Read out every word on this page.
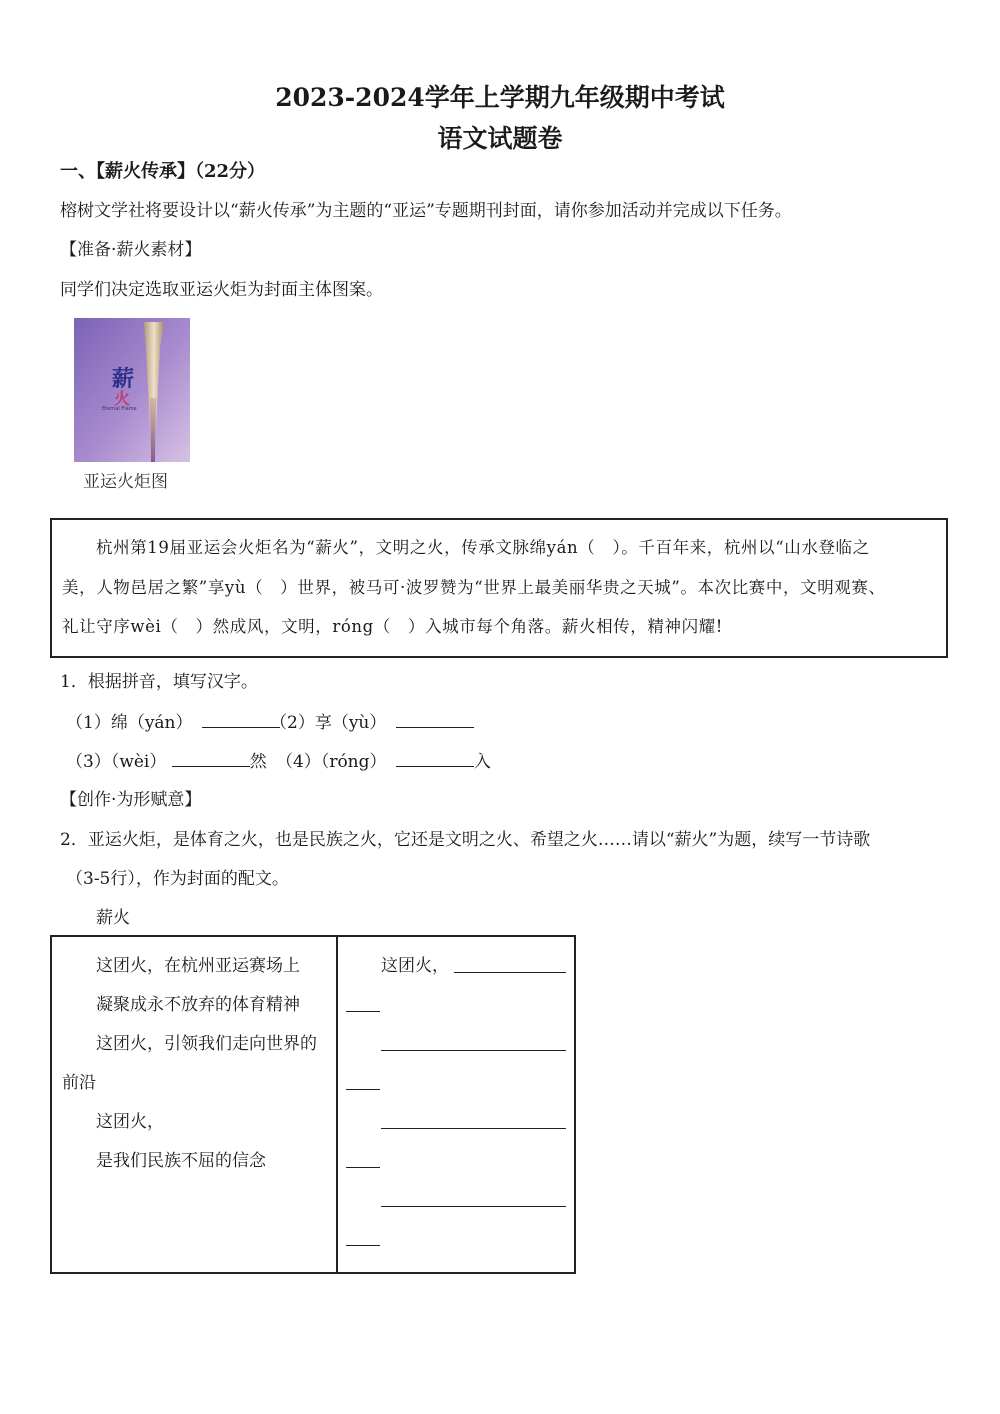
2023-2024学年上学期九年级期中考试
语文试题卷
一、【薪火传承】（22分）
榕树文学社将要设计以“薪火传承”为主题的“亚运”专题期刊封面，请你参加活动并完成以下任务。
【准备·薪火素材】
同学们决定选取亚运火炬为封面主体图案。
薪
火
Eternal Flame
亚运火炬图
杭州第19届亚运会火炬名为“薪火”，文明之火，传承文脉绵yán（　）。千百年来，杭州以“山水登临之
美，人物邑居之繁”享yù（　）世界，被马可·波罗赞为“世界上最美丽华贵之天城”。本次比赛中，文明观赛、
礼让守序wèi（　）然成风，文明，róng（　）入城市每个角落。薪火相传，精神闪耀!
1．根据拼音，填写汉字。
（1）绵（yán）	（2）享（yù）
（3）（wèi）	然 （4）（róng）	入
【创作·为形赋意】
2．亚运火炬，是体育之火，也是民族之火，它还是文明之火、希望之火……请以“薪火”为题，续写一节诗歌
（3-5行），作为封面的配文。
薪火
这团火，在杭州亚运赛场上
凝聚成永不放弃的体育精神
这团火，引领我们走向世界的
前沿
这团火，
是我们民族不屈的信念
这团火，
